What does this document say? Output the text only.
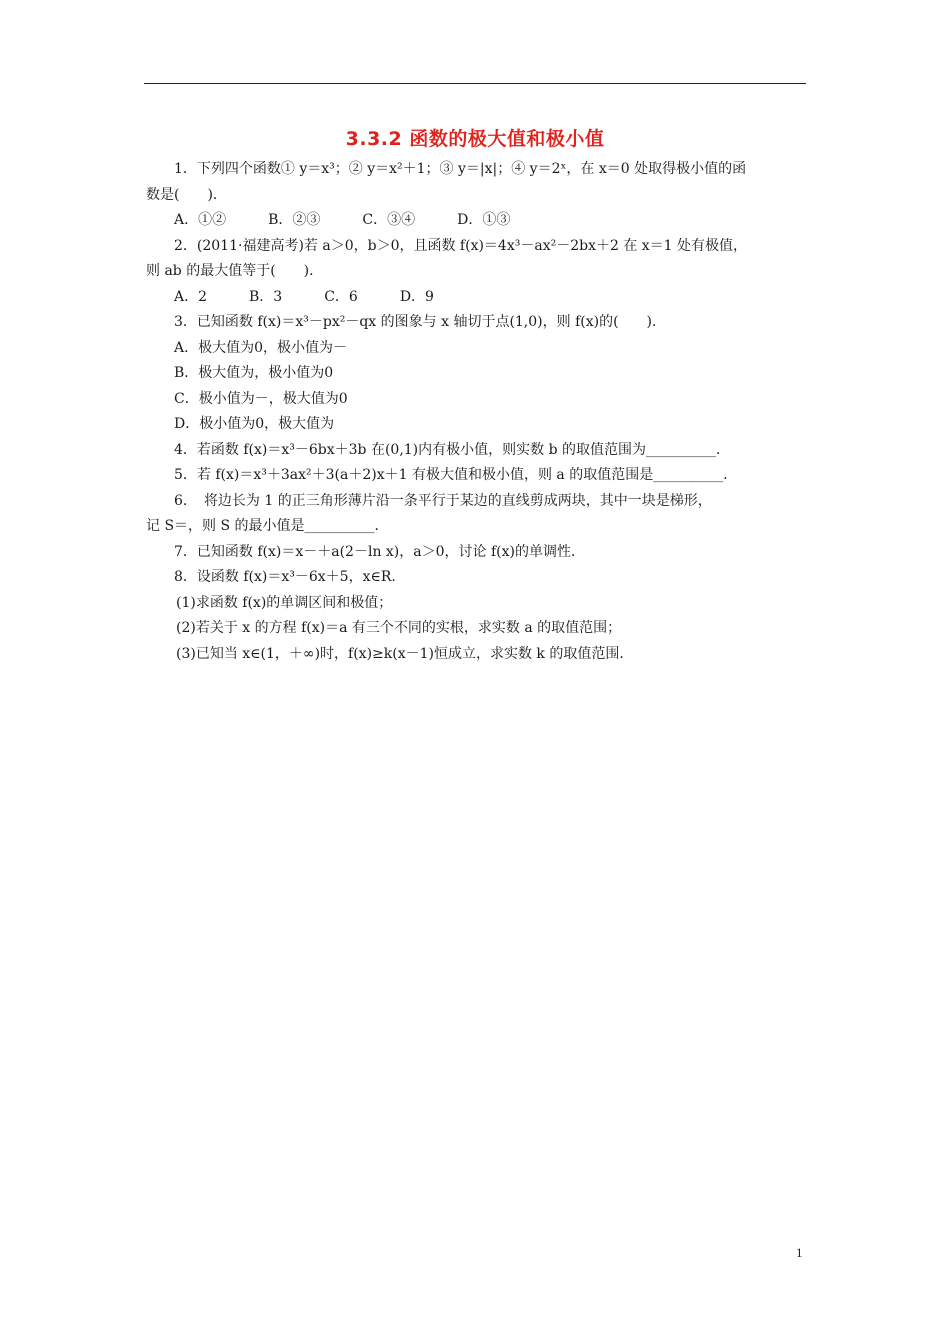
3.3.2 函数的极大值和极小值
1．下列四个函数① y＝x³；② y＝x²＋1；③ y＝|x|；④ y＝2ˣ，在 x＝0 处取得极小值的函
数是(　　)．
A．①②　　　B．②③　　　C．③④　　　D．①③
2．(2011·福建高考)若 a＞0，b＞0，且函数 f(x)＝4x³－ax²－2bx＋2 在 x＝1 处有极值，
则 ab 的最大值等于(　　)．
A．2　　　B．3　　　C．6　　　D．9
3．已知函数 f(x)＝x³－px²－qx 的图象与 x 轴切于点(1,0)，则 f(x)的(　　)．
A．极大值为0，极小值为－
B．极大值为，极小值为0
C．极小值为－，极大值为0
D．极小值为0，极大值为
4．若函数 f(x)＝x³－6bx＋3b 在(0,1)内有极小值，则实数 b 的取值范围为__________．
5．若 f(x)＝x³＋3ax²＋3(a＋2)x＋1 有极大值和极小值，则 a 的取值范围是__________．
6．　将边长为 1 的正三角形薄片沿一条平行于某边的直线剪成两块，其中一块是梯形，
记 S＝，则 S 的最小值是__________．
7．已知函数 f(x)＝x－＋a(2－ln x)，a＞0，讨论 f(x)的单调性．
8．设函数 f(x)＝x³－6x＋5，x∈R.
(1)求函数 f(x)的单调区间和极值；
(2)若关于 x 的方程 f(x)＝a 有三个不同的实根，求实数 a 的取值范围；
(3)已知当 x∈(1，＋∞)时，f(x)≥k(x－1)恒成立，求实数 k 的取值范围．
1
